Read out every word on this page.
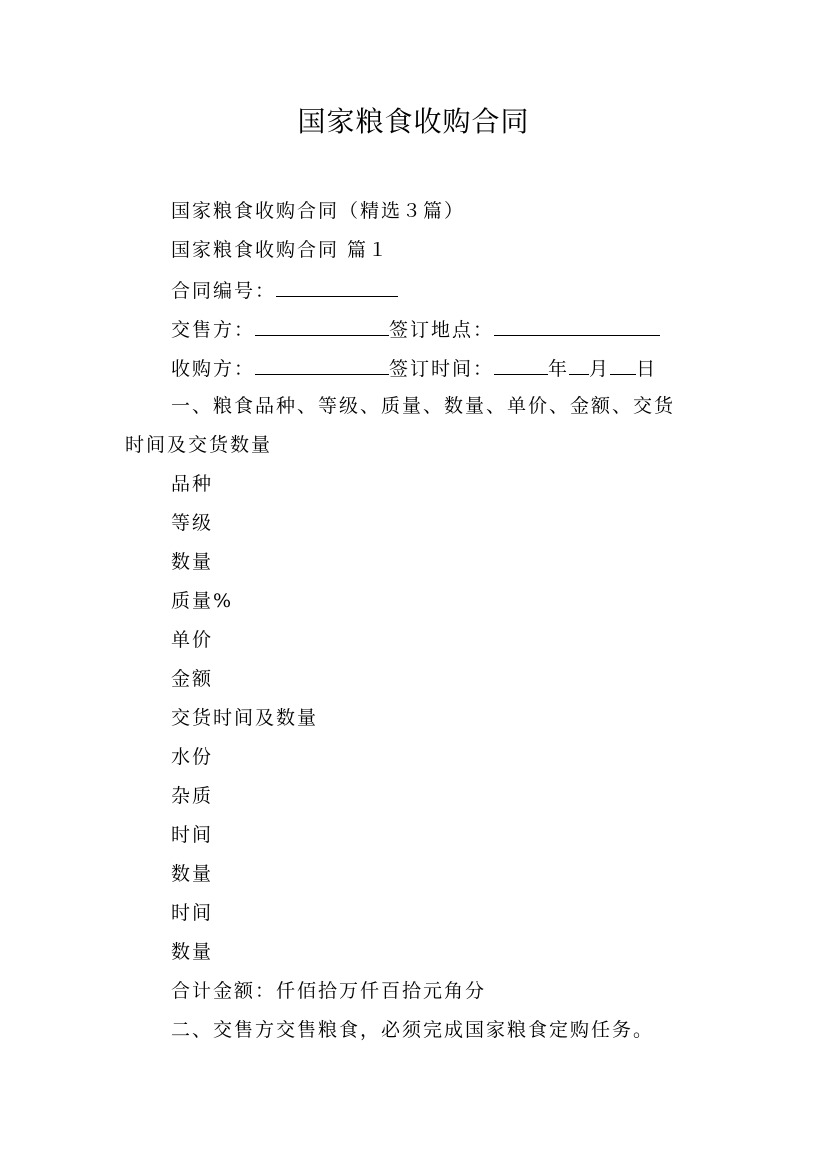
国家粮食收购合同
国家粮食收购合同（精选３篇）
国家粮食收购合同 篇１
合同编号：
交售方：	签订地点：
收购方：	签订时间：	年 月 日
一、粮食品种、等级、质量、数量、单价、金额、交货
时间及交货数量
品种
等级
数量
质量%
单价
金额
交货时间及数量
水份
杂质
时间
数量
时间
数量
合计金额：仟佰拾万仟百拾元角分
二、交售方交售粮食，必须完成国家粮食定购任务。
